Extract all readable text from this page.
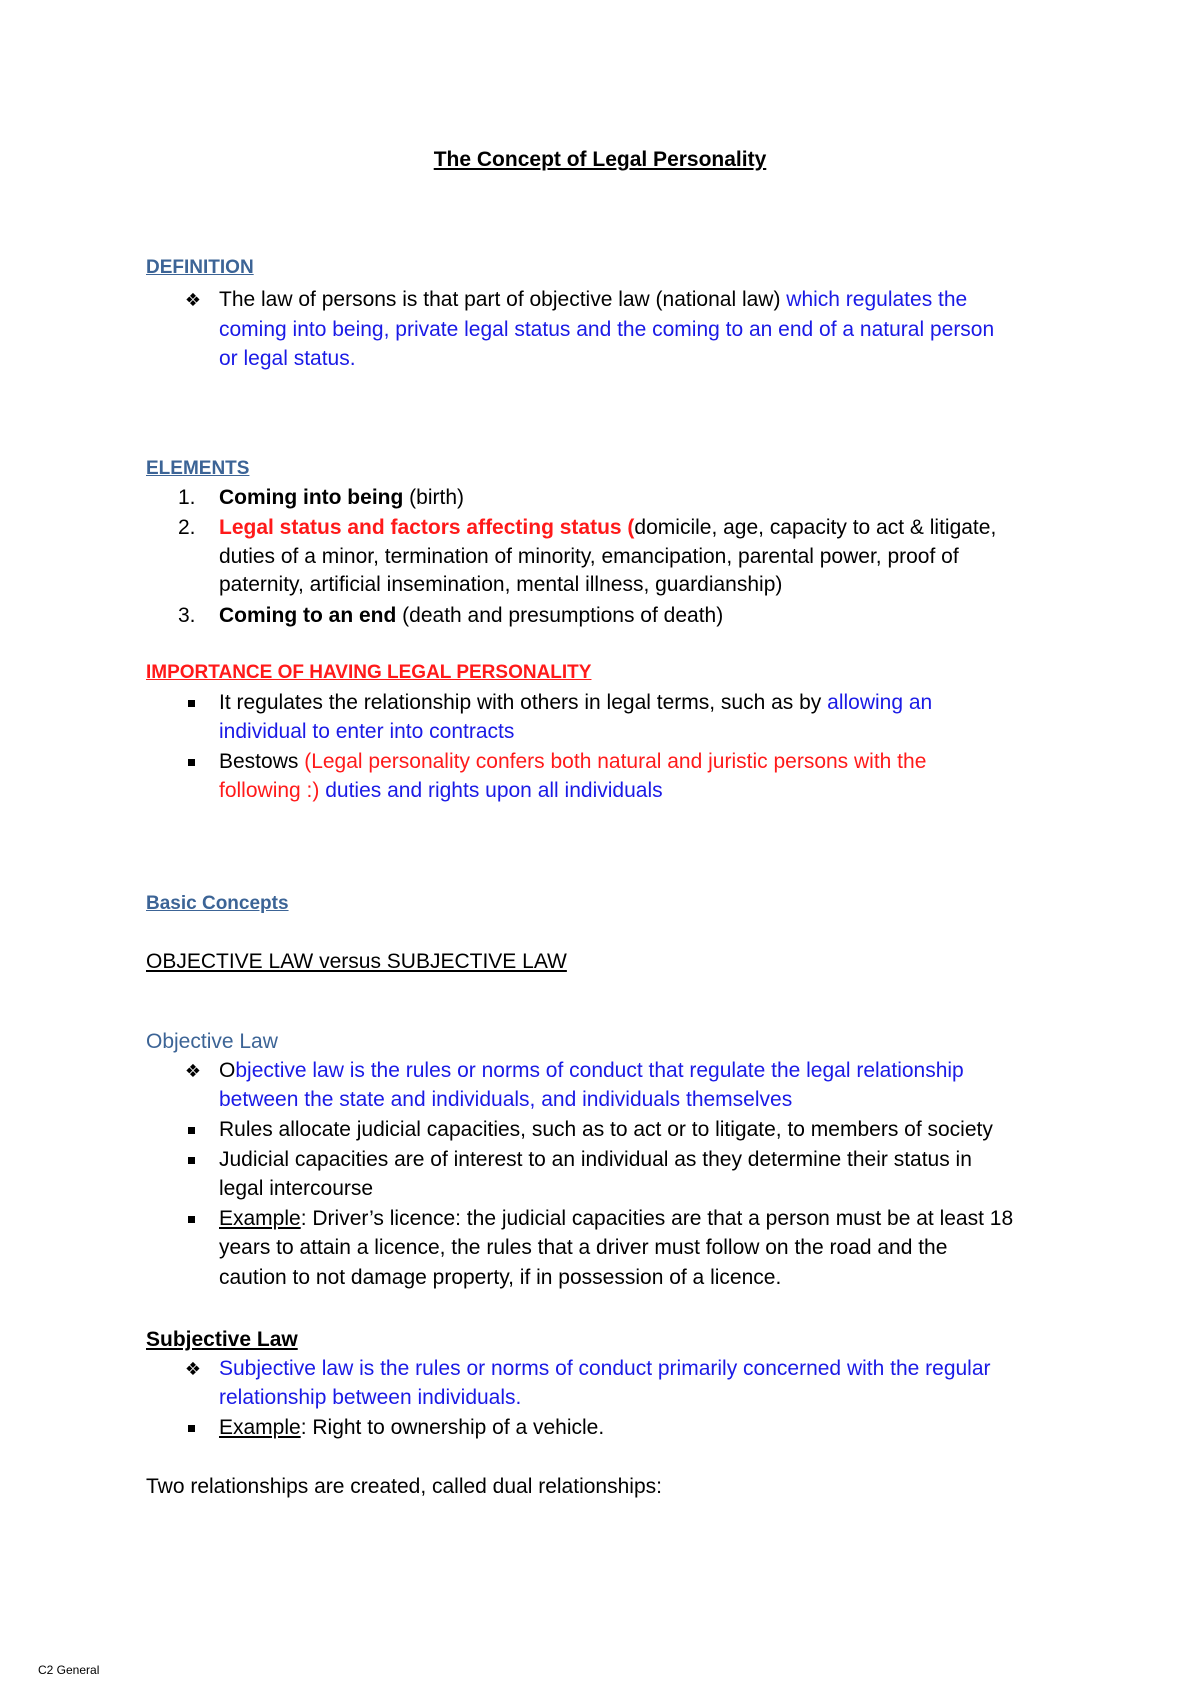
The Concept of Legal Personality
DEFINITION
❖ The law of persons is that part of objective law (national law) which regulates the
coming into being, private legal status and the coming to an end of a natural person
or legal status.
ELEMENTS
1. Coming into being (birth)
2. Legal status and factors affecting status (domicile, age, capacity to act & litigate,
duties of a minor, termination of minority, emancipation, parental power, proof of
paternity, artificial insemination, mental illness, guardianship)
3. Coming to an end (death and presumptions of death)
IMPORTANCE OF HAVING LEGAL PERSONALITY
It regulates the relationship with others in legal terms, such as by allowing an
individual to enter into contracts
Bestows (Legal personality confers both natural and juristic persons with the
following :) duties and rights upon all individuals
Basic Concepts
OBJECTIVE LAW versus SUBJECTIVE LAW
Objective Law
❖ Objective law is the rules or norms of conduct that regulate the legal relationship
between the state and individuals, and individuals themselves
Rules allocate judicial capacities, such as to act or to litigate, to members of society
Judicial capacities are of interest to an individual as they determine their status in
legal intercourse
Example: Driver’s licence: the judicial capacities are that a person must be at least 18
years to attain a licence, the rules that a driver must follow on the road and the
caution to not damage property, if in possession of a licence.
Subjective Law
❖ Subjective law is the rules or norms of conduct primarily concerned with the regular
relationship between individuals.
Example: Right to ownership of a vehicle.
Two relationships are created, called dual relationships:
C2 General
